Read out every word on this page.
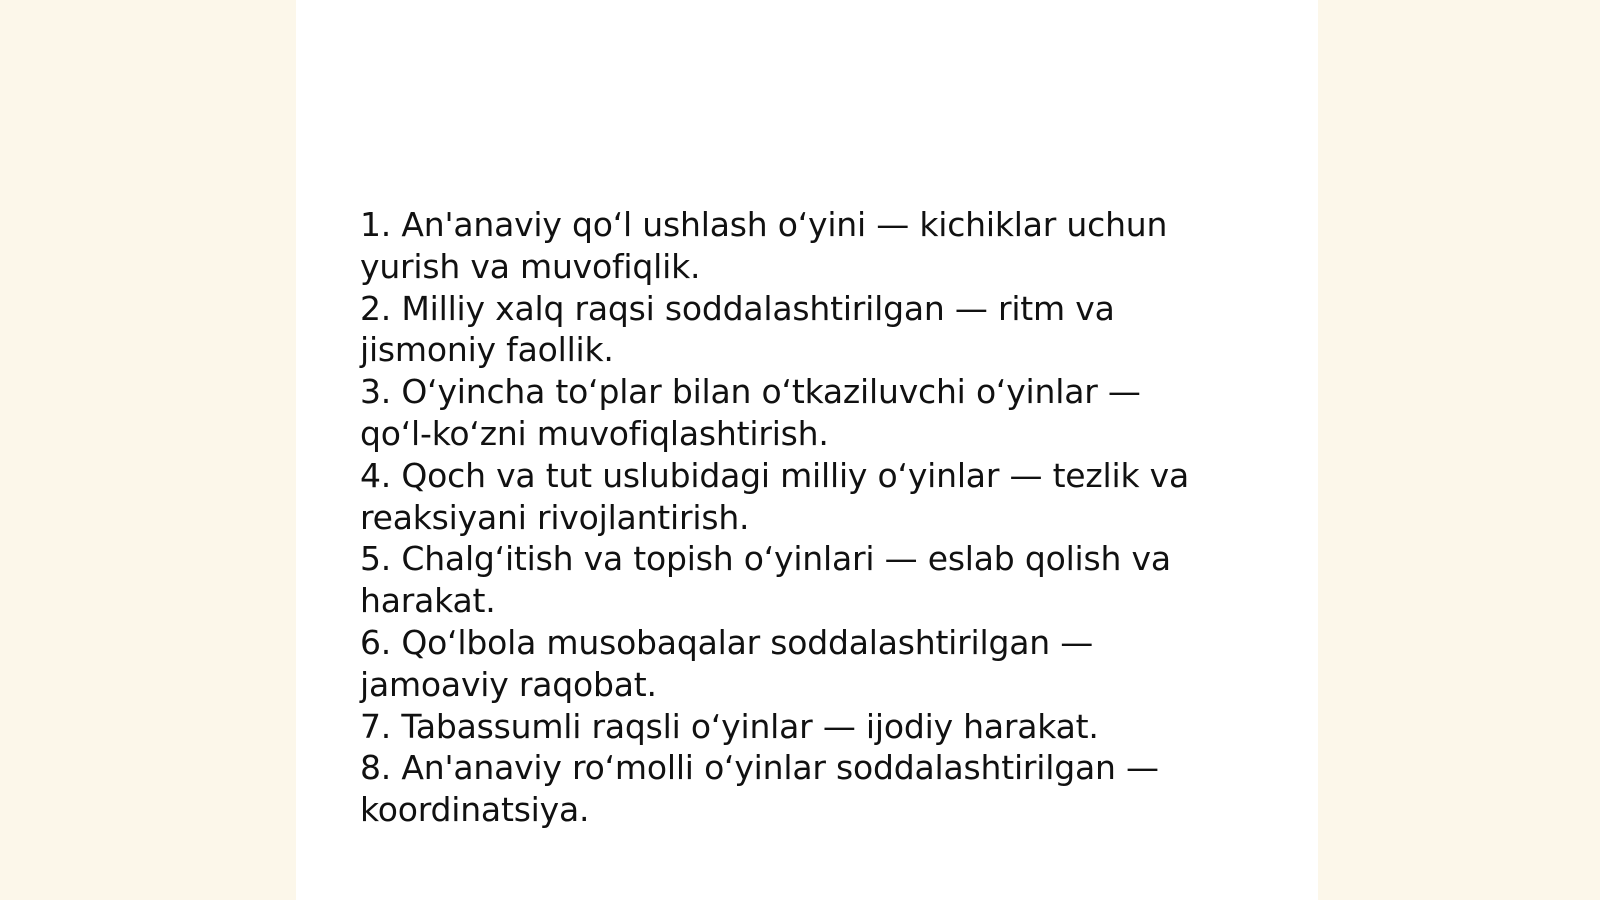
1. An'anaviy qo‘l ushlash o‘yini — kichiklar uchun yurish va muvofiqlik.

2. Milliy xalq raqsi soddalashtirilgan — ritm va jismoniy faollik.

3. O‘yincha to‘plar bilan o‘tkaziluvchi o‘yinlar — qo‘l-ko‘zni muvofiqlashtirish.

4. Qoch va tut uslubidagi milliy o‘yinlar — tezlik va reaksiyani rivojlantirish.

5. Chalg‘itish va topish o‘yinlari — eslab qolish va harakat.

6. Qo‘lbola musobaqalar soddalashtirilgan — jamoaviy raqobat.

7. Tabassumli raqsli o‘yinlar — ijodiy harakat.

8. An'anaviy ro‘molli o‘yinlar soddalashtirilgan — koordinatsiya.
